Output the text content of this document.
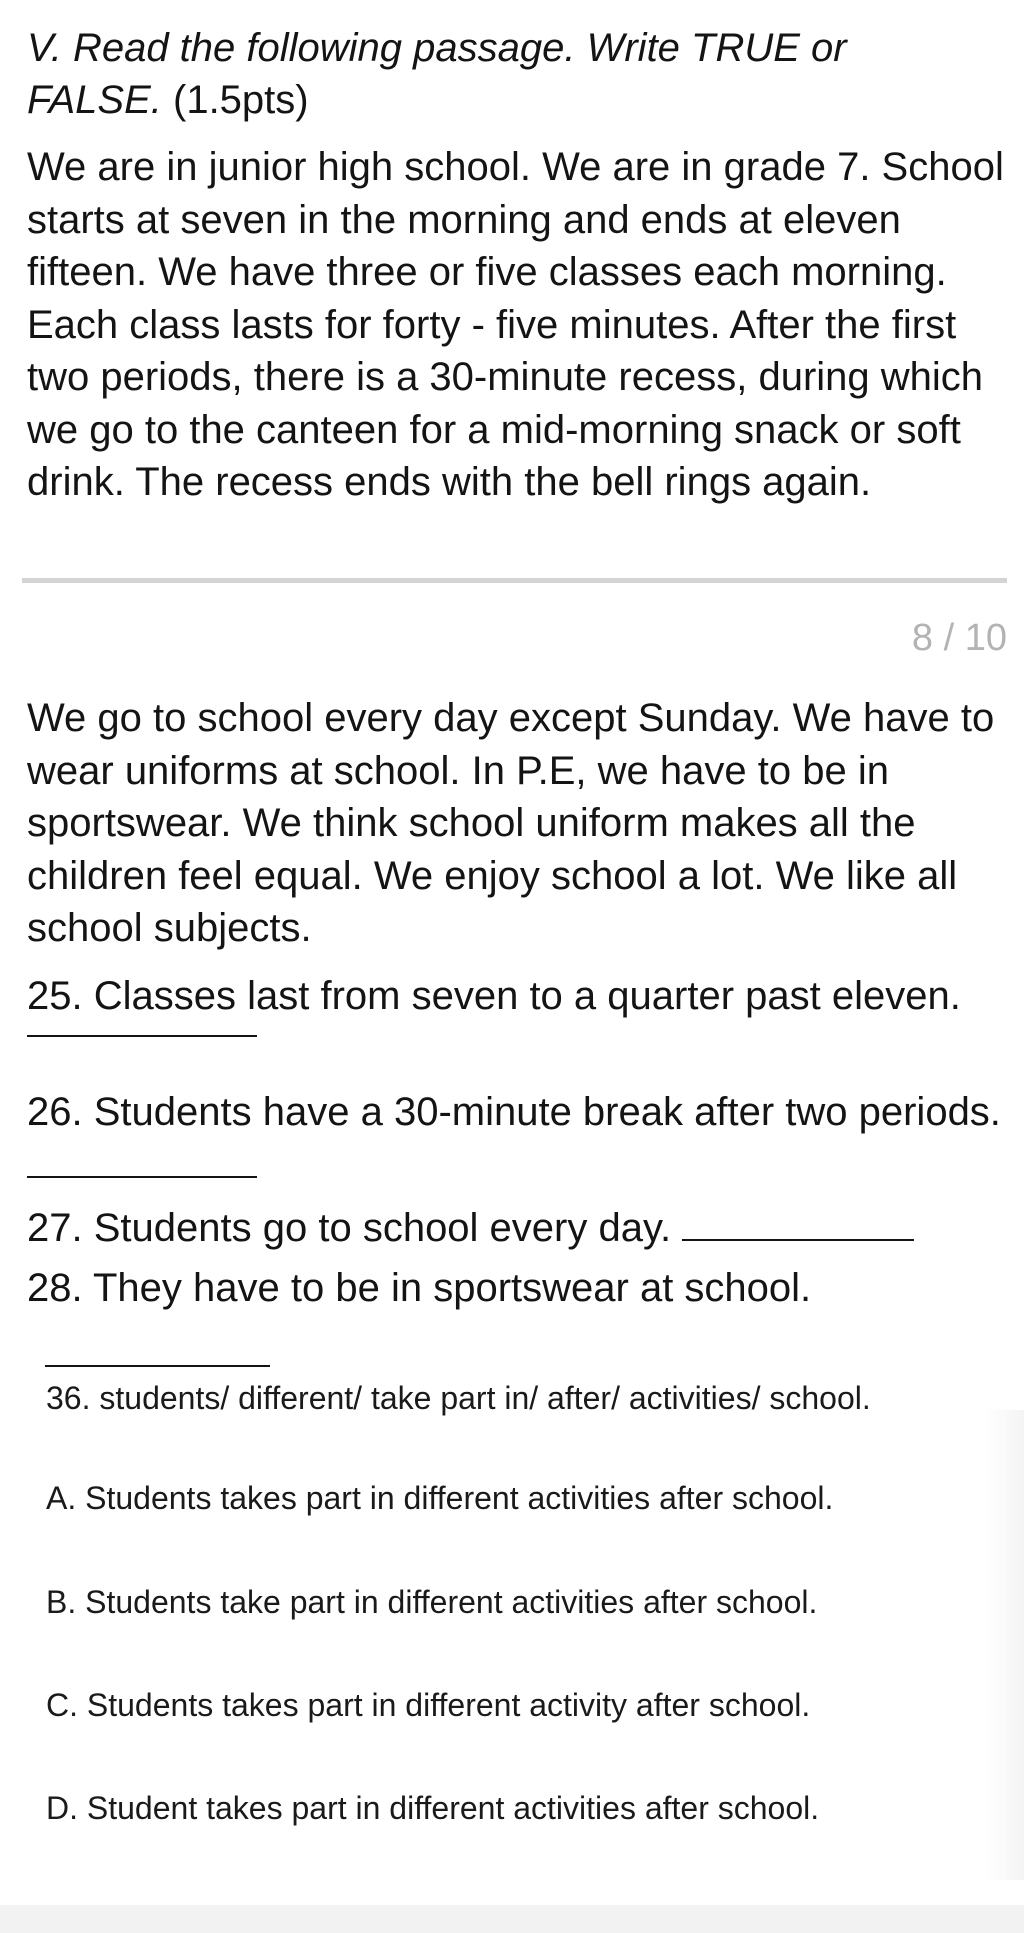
V. Read the following passage. Write TRUE or FALSE. (1.5pts)

We are in junior high school. We are in grade 7. School starts at seven in the morning and ends at eleven fifteen. We have three or five classes each morning. Each class lasts for forty - five minutes. After the first two periods, there is a 30-minute recess, during which we go to the canteen for a mid-morning snack or soft drink. The recess ends with the bell rings again.

8 / 10

We go to school every day except Sunday. We have to wear uniforms at school. In P.E, we have to be in sportswear. We think school uniform makes all the children feel equal. We enjoy school a lot. We like all school subjects.

25. Classes last from seven to a quarter past eleven.

26. Students have a 30-minute break after two periods.

27. Students go to school every day.

28. They have to be in sportswear at school.

36. students/ different/ take part in/ after/ activities/ school.

A. Students takes part in different activities after school.

B. Students take part in different activities after school.

C. Students takes part in different activity after school.

D. Student takes part in different activities after school.
